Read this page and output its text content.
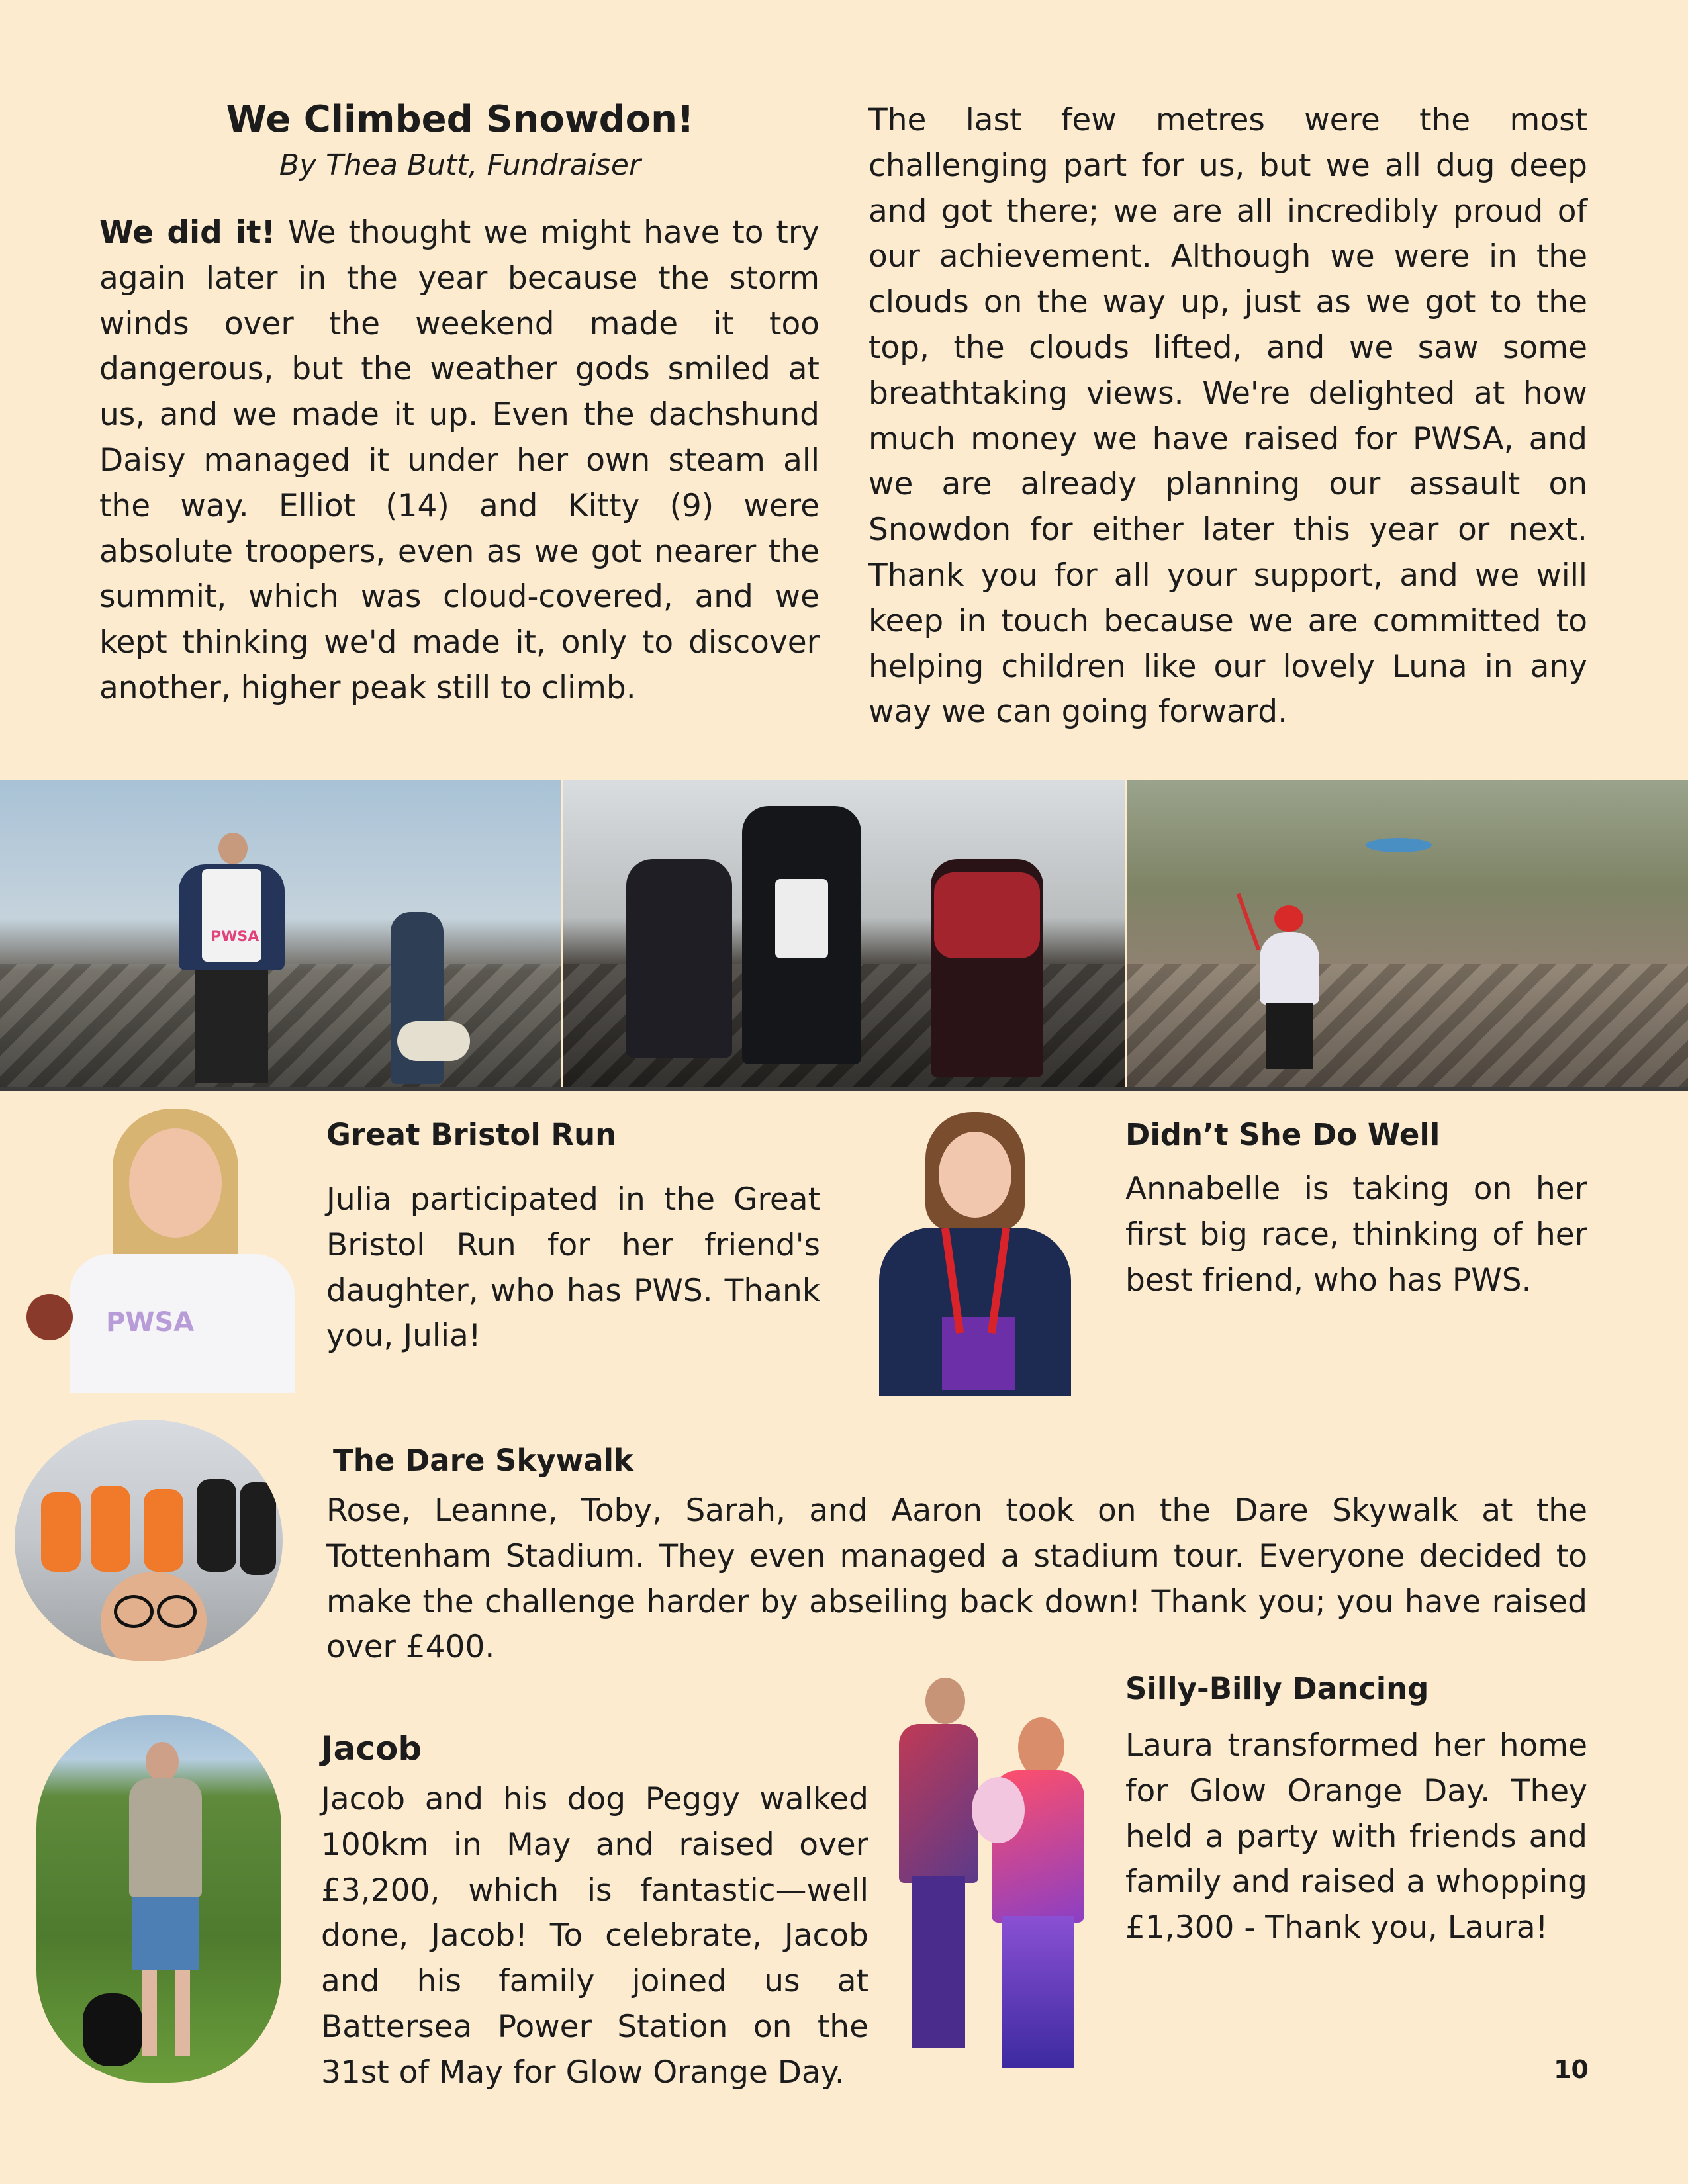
We Climbed Snowdon!
By Thea Butt, Fundraiser
We did it! We thought we might have to try again later in the year because the storm winds over the weekend made it too dangerous, but the weather gods smiled at us, and we made it up. Even the dachshund Daisy managed it under her own steam all the way. Elliot (14) and Kitty (9) were absolute troopers, even as we got nearer the summit, which was cloud-covered, and we kept thinking we'd made it, only to discover another, higher peak still to climb.
The last few metres were the most challenging part for us, but we all dug deep and got there; we are all incredibly proud of our achievement. Although we were in the clouds on the way up, just as we got to the top, the clouds lifted, and we saw some breathtaking views. We're delighted at how much money we have raised for PWSA, and we are already planning our assault on Snowdon for either later this year or next. Thank you for all your support, and we will keep in touch because we are committed to helping children like our lovely Luna in any way we can going forward.
PWSA
PWSA
Great Bristol Run
Julia participated in the Great Bristol Run for her friend's daughter, who has PWS. Thank you, Julia!
Didn’t She Do Well
Annabelle is taking on her first big race, thinking of her best friend, who has PWS.
The Dare Skywalk
Rose, Leanne, Toby, Sarah, and Aaron took on the Dare Skywalk at the Tottenham Stadium. They even managed a stadium tour. Everyone decided to make the challenge harder by abseiling back down! Thank you; you have raised over £400.
Silly-Billy Dancing
Laura transformed her home for Glow Orange Day. They held a party with friends and family and raised a whopping £1,300 - Thank you, Laura!
Jacob
Jacob and his dog Peggy walked 100km in May and raised over £3,200, which is fantastic—well done, Jacob! To celebrate, Jacob and his family joined us at Battersea Power Station on the 31st of May for Glow Orange Day.	10
